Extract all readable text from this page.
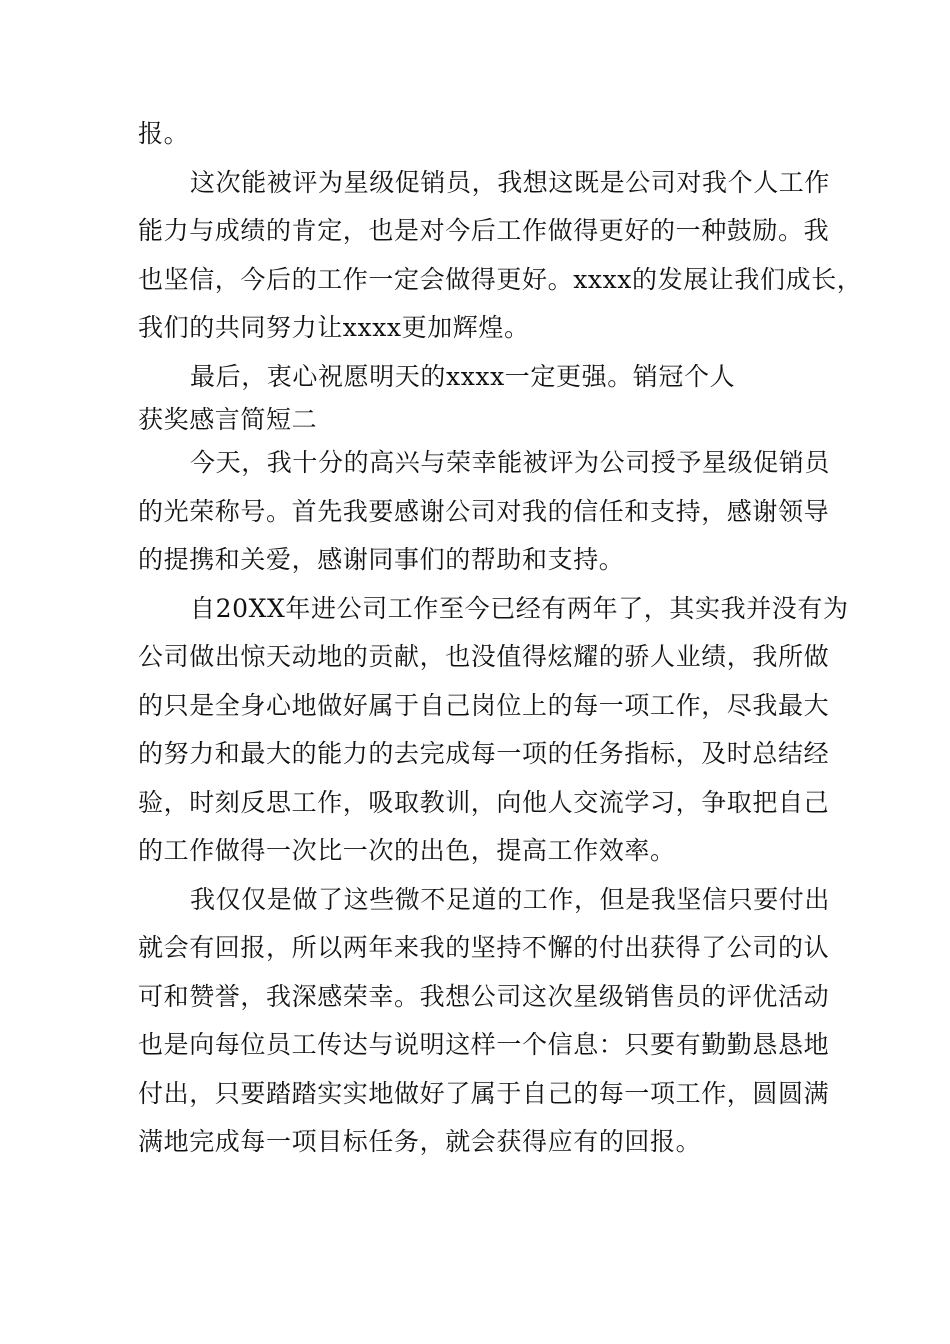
报。
这次能被评为星级促销员，我想这既是公司对我个人工作
能力与成绩的肯定，也是对今后工作做得更好的一种鼓励。我
也坚信，今后的工作一定会做得更好。xxxx的发展让我们成长，
我们的共同努力让xxxx更加辉煌。
最后，衷心祝愿明天的xxxx一定更强。销冠个人
获奖感言简短二
今天，我十分的高兴与荣幸能被评为公司授予星级促销员
的光荣称号。首先我要感谢公司对我的信任和支持，感谢领导
的提携和关爱，感谢同事们的帮助和支持。
自20XX年进公司工作至今已经有两年了，其实我并没有为
公司做出惊天动地的贡献，也没值得炫耀的骄人业绩，我所做
的只是全身心地做好属于自己岗位上的每一项工作，尽我最大
的努力和最大的能力的去完成每一项的任务指标，及时总结经
验，时刻反思工作，吸取教训，向他人交流学习，争取把自己
的工作做得一次比一次的出色，提高工作效率。
我仅仅是做了这些微不足道的工作，但是我坚信只要付出
就会有回报，所以两年来我的坚持不懈的付出获得了公司的认
可和赞誉，我深感荣幸。我想公司这次星级销售员的评优活动
也是向每位员工传达与说明这样一个信息：只要有勤勤恳恳地
付出，只要踏踏实实地做好了属于自己的每一项工作，圆圆满
满地完成每一项目标任务，就会获得应有的回报。
